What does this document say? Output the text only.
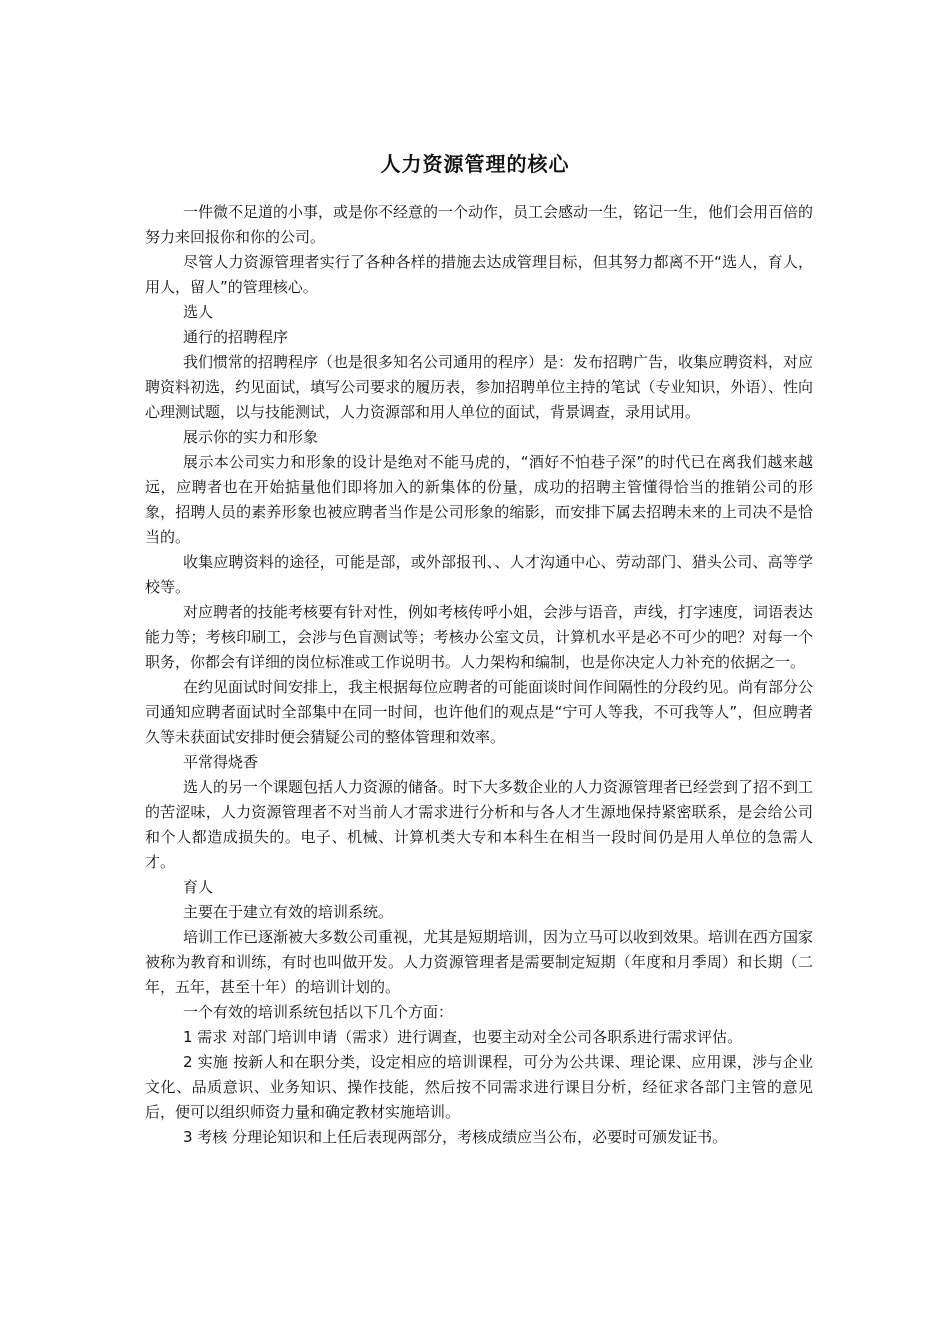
人力资源管理的核心

一件微不足道的小事，或是你不经意的一个动作，员工会感动一生，铭记一生，他们会用百倍的努力来回报你和你的公司。

尽管人力资源管理者实行了各种各样的措施去达成管理目标，但其努力都离不开“选人，育人，用人，留人”的管理核心。

选人

通行的招聘程序

我们惯常的招聘程序（也是很多知名公司通用的程序）是：发布招聘广告，收集应聘资料，对应聘资料初选，约见面试，填写公司要求的履历表，参加招聘单位主持的笔试（专业知识，外语）、性向心理测试题，以与技能测试，人力资源部和用人单位的面试，背景调查，录用试用。

展示你的实力和形象

展示本公司实力和形象的设计是绝对不能马虎的，“酒好不怕巷子深”的时代已在离我们越来越远，应聘者也在开始掂量他们即将加入的新集体的份量，成功的招聘主管懂得恰当的推销公司的形象，招聘人员的素养形象也被应聘者当作是公司形象的缩影，而安排下属去招聘未来的上司决不是恰当的。

收集应聘资料的途径，可能是部，或外部报刊、、人才沟通中心、劳动部门、猎头公司、高等学校等。

对应聘者的技能考核要有针对性，例如考核传呼小姐，会涉与语音，声线，打字速度，词语表达能力等；考核印刷工，会涉与色盲测试等；考核办公室文员，计算机水平是必不可少的吧？对每一个职务，你都会有详细的岗位标准或工作说明书。人力架构和编制，也是你决定人力补充的依据之一。

在约见面试时间安排上，我主根据每位应聘者的可能面谈时间作间隔性的分段约见。尚有部分公司通知应聘者面试时全部集中在同一时间，也许他们的观点是“宁可人等我，不可我等人”，但应聘者久等未获面试安排时便会猜疑公司的整体管理和效率。

平常得烧香

选人的另一个课题包括人力资源的储备。时下大多数企业的人力资源管理者已经尝到了招不到工的苦涩味，人力资源管理者不对当前人才需求进行分析和与各人才生源地保持紧密联系，是会给公司和个人都造成损失的。电子、机械、计算机类大专和本科生在相当一段时间仍是用人单位的急需人才。

育人

主要在于建立有效的培训系统。

培训工作已逐渐被大多数公司重视，尤其是短期培训，因为立马可以收到效果。培训在西方国家被称为教育和训练，有时也叫做开发。人力资源管理者是需要制定短期（年度和月季周）和长期（二年，五年，甚至十年）的培训计划的。

一个有效的培训系统包括以下几个方面：

1 需求 对部门培训申请（需求）进行调查，也要主动对全公司各职系进行需求评估。

2 实施 按新人和在职分类，设定相应的培训课程，可分为公共课、理论课、应用课，涉与企业文化、品质意识、业务知识、操作技能，然后按不同需求进行课目分析，经征求各部门主管的意见后，便可以组织师资力量和确定教材实施培训。

3 考核 分理论知识和上任后表现两部分，考核成绩应当公布，必要时可颁发证书。
